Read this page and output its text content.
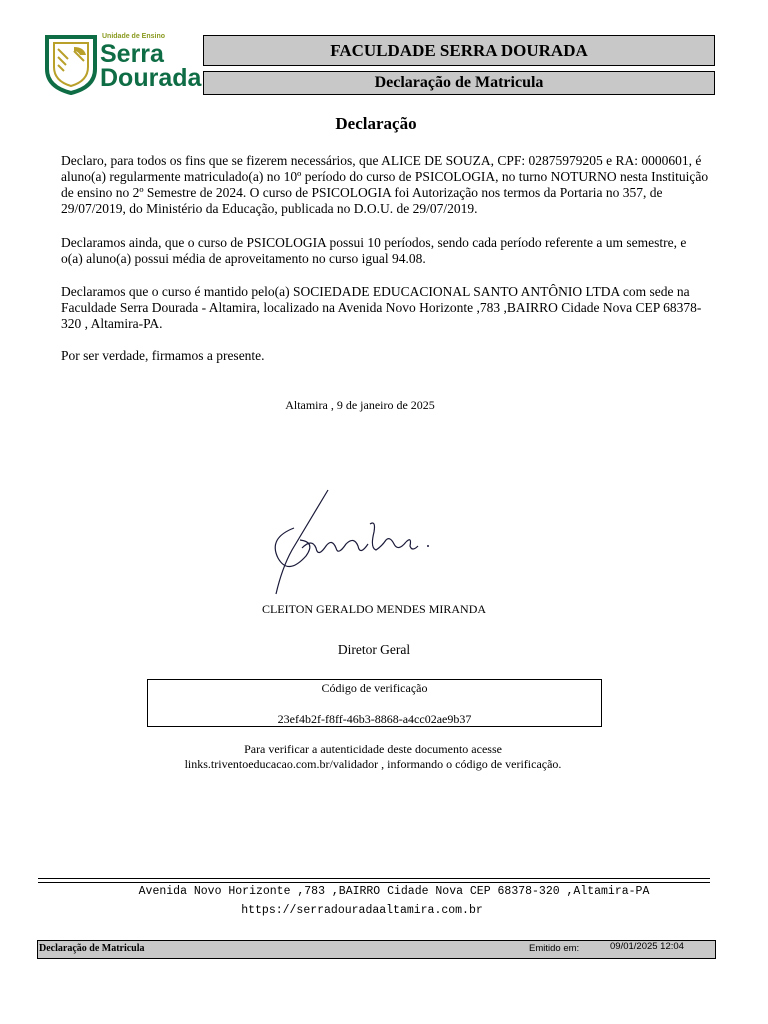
Unidade de Ensino
Serra
Dourada
FACULDADE SERRA DOURADA
Declaração de Matricula
Declaração
Declaro, para todos os fins que se fizerem necessários, que ALICE DE SOUZA, CPF: 02875979205 e RA: 0000601, é aluno(a) regularmente matriculado(a) no 10º período do curso de PSICOLOGIA, no turno NOTURNO nesta Instituição de ensino no 2º Semestre de 2024. O curso de PSICOLOGIA foi Autorização nos termos da Portaria no 357, de 29/07/2019, do Ministério da Educação, publicada no D.O.U. de 29/07/2019.
Declaramos ainda, que o curso de PSICOLOGIA possui 10 períodos, sendo cada período referente a um semestre, e o(a) aluno(a) possui média de aproveitamento no curso igual 94.08.
Declaramos que o curso é mantido pelo(a) SOCIEDADE EDUCACIONAL SANTO ANTÔNIO LTDA com sede na Faculdade Serra Dourada - Altamira, localizado na Avenida Novo Horizonte ,783 ,BAIRRO Cidade Nova CEP 68378-320 , Altamira-PA.
Por ser verdade, firmamos a presente.
Altamira , 9 de janeiro de 2025
CLEITON GERALDO MENDES MIRANDA
Diretor Geral
Código de verificação
23ef4b2f-f8ff-46b3-8868-a4cc02ae9b37
Para verificar a autenticidade deste documento acesse
links.triventoeducacao.com.br/validador , informando o código de verificação.
Avenida Novo Horizonte ,783 ,BAIRRO Cidade Nova CEP 68378-320 ,Altamira-PA
https://serradouradaaltamira.com.br
Declaração de Matricula	Emitido em:	09/01/2025 12:04
